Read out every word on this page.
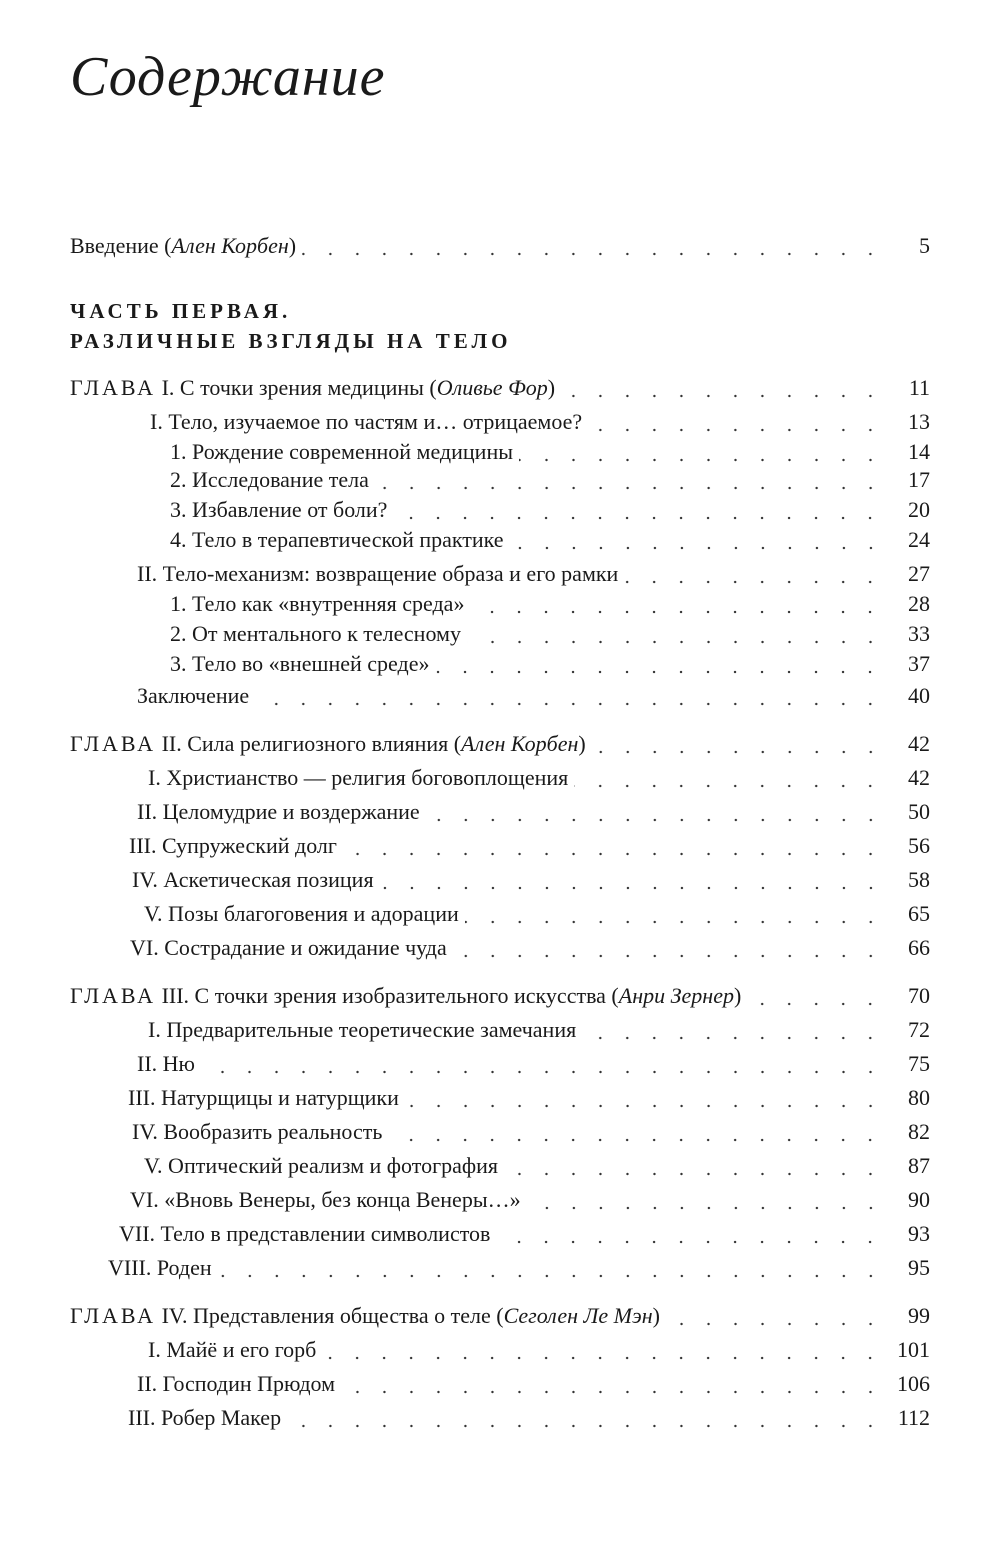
Содержание
Введение (Ален Корбен)	5
ЧАСТЬ ПЕРВАЯ.
РАЗЛИЧНЫЕ ВЗГЛЯДЫ НА ТЕЛО
ГЛАВА I. С точки зрения медицины (Оливье Фор)	11
I. Тело, изучаемое по частям и… отрицаемое?	13
1. Рождение современной медицины	14
2. Исследование тела	17
3. Избавление от боли?	20
4. Тело в терапевтической практике	24
II. Тело-механизм: возвращение образа и его рамки	27
1. Тело как «внутренняя среда»	28
2. От ментального к телесному	33
3. Тело во «внешней среде»	37
Заключение	40
ГЛАВА II. Сила религиозного влияния (Ален Корбен)	42
I. Христианство — религия боговоплощения	42
II. Целомудрие и воздержание	50
III. Супружеский долг	56
IV. Аскетическая позиция	58
V. Позы благоговения и адорации	65
VI. Сострадание и ожидание чуда	66
ГЛАВА III. С точки зрения изобразительного искусства (Анри Зернер)	70
I. Предварительные теоретические замечания	72
II. Ню	75
III. Натурщицы и натурщики	80
IV. Вообразить реальность	82
V. Оптический реализм и фотография	87
VI. «Вновь Венеры, без конца Венеры…»	90
VII. Тело в представлении символистов	93
VIII. Роден	95
ГЛАВА IV. Представления общества о теле (Сеголен Ле Мэн)	99
I. Майё и его горб	101
II. Господин Прюдом	106
III. Робер Макер	112
